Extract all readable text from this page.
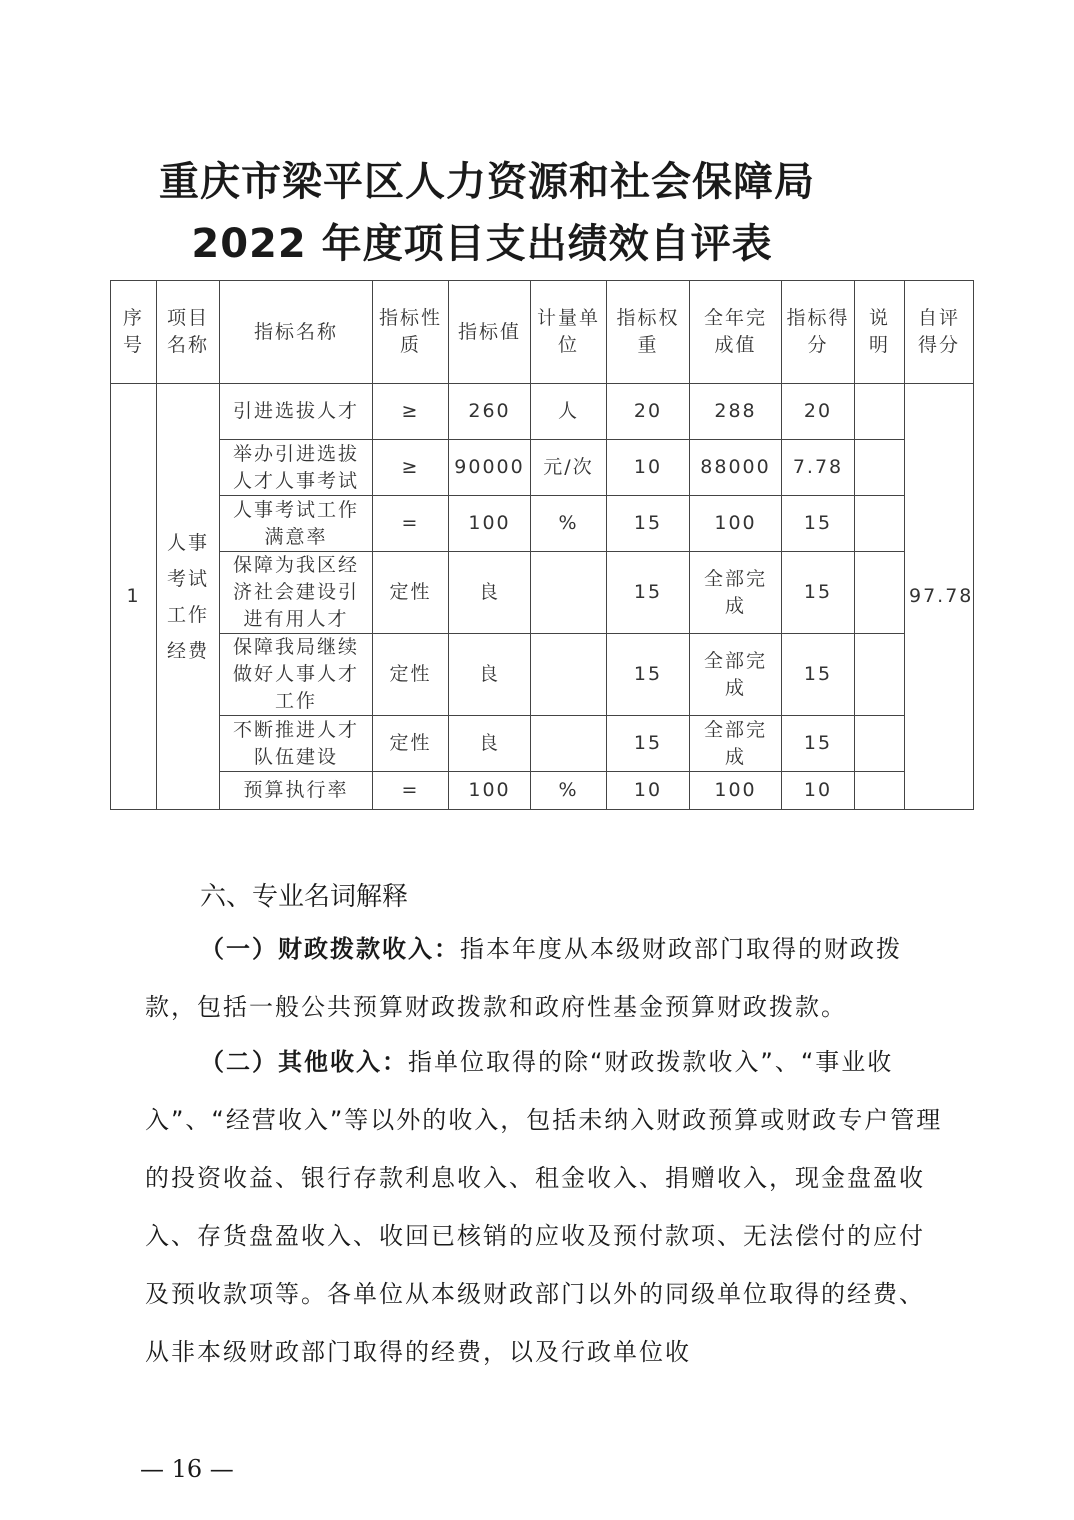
重庆市梁平区人力资源和社会保障局
2022 年度项目支出绩效自评表
序号	项目名称	指标名称	指标性质	指标值	计量单位	指标权重	全年完成值	指标得分	说明	自评得分
1	人事考试工作经费	引进选拔人才	≥	260	人	20	288	20		97.78
		举办引进选拔人才人事考试	≥	90000	元/次	10	88000	7.78		
		人事考试工作满意率	=	100	%	15	100	15		
		保障为我区经济社会建设引进有用人才	定性	良		15	全部完成	15		
		保障我局继续做好人事人才工作	定性	良		15	全部完成	15		
		不断推进人才队伍建设	定性	良		15	全部完成	15		
		预算执行率	=	100	%	10	100	10		
六、专业名词解释
（一）财政拨款收入：指本年度从本级财政部门取得的财政拨款，包括一般公共预算财政拨款和政府性基金预算财政拨款。
（二）其他收入：指单位取得的除“财政拨款收入”、“事业收入”、“经营收入”等以外的收入，包括未纳入财政预算或财政专户管理的投资收益、银行存款利息收入、租金收入、捐赠收入，现金盘盈收入、存货盘盈收入、收回已核销的应收及预付款项、无法偿付的应付及预收款项等。各单位从本级财政部门以外的同级单位取得的经费、从非本级财政部门取得的经费，以及行政单位收
— 16 —
